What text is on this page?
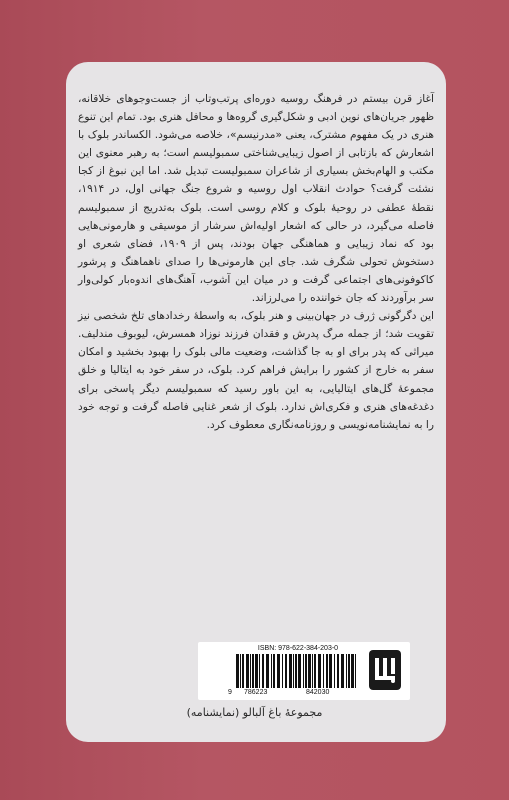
آغاز قرن بیستم در فرهنگ روسیه دوره‌ای پرتب‌وتاب از جست‌وجوهای خلاقانه، ظهور جریان‌های نوین ادبی و شکل‌گیری گروه‌ها و محافل هنری بود. تمام این تنوع هنری در یک مفهوم مشترک، یعنی «مدرنیسم»، خلاصه می‌شود. الکساندر بلوک با اشعارش که بازتابی از اصول زیبایی‌شناختی سمبولیسم است؛ به رهبر معنوی این مکتب و الهام‌بخش بسیاری از شاعران سمبولیست تبدیل شد. اما این نبوغ از کجا نشئت گرفت؟ حوادث انقلاب اول روسیه و شروع جنگ جهانی اول، در ۱۹۱۴، نقطهٔ عطفی در روحیهٔ بلوک و کلام روسی است. بلوک به‌تدریج از سمبولیسم فاصله می‌گیرد، در حالی که اشعار اولیه‌اش سرشار از موسیقی و هارمونی‌هایی بود که نماد زیبایی و هماهنگی جهان بودند، پس از ۱۹۰۹، فضای شعری او دستخوش تحولی شگرف شد. جای این هارمونی‌ها را صدای ناهماهنگ و پرشور کاکوفونی‌های اجتماعی گرفت و در میان این آشوب، آهنگ‌های اندوه‌بار کولی‌وار سر برآوردند که جان خواننده را می‌لرزاند.

این دگرگونی ژرف در جهان‌بینی و هنر بلوک، به واسطهٔ رخدادهای تلخ شخصی نیز تقویت شد؛ از جمله مرگ پدرش و فقدان فرزند نوزاد همسرش، لیوبوف مندلیف. میراثی که پدر برای او به جا گذاشت، وضعیت مالی بلوک را بهبود بخشید و امکان سفر به خارج از کشور را برایش فراهم کرد. بلوک، در سفر خود به ایتالیا و خلق مجموعهٔ گل‌های ایتالیایی، به این باور رسید که سمبولیسم دیگر پاسخی برای دغدغه‌های هنری و فکری‌اش ندارد. بلوک از شعر غنایی فاصله گرفت و توجه خود را به نمایشنامه‌نویسی و روزنامه‌نگاری معطوف کرد.

ISBN: 978-622-384-203-0
9 786223	842030
مجموعهٔ باغ آلبالو (نمایشنامه)
